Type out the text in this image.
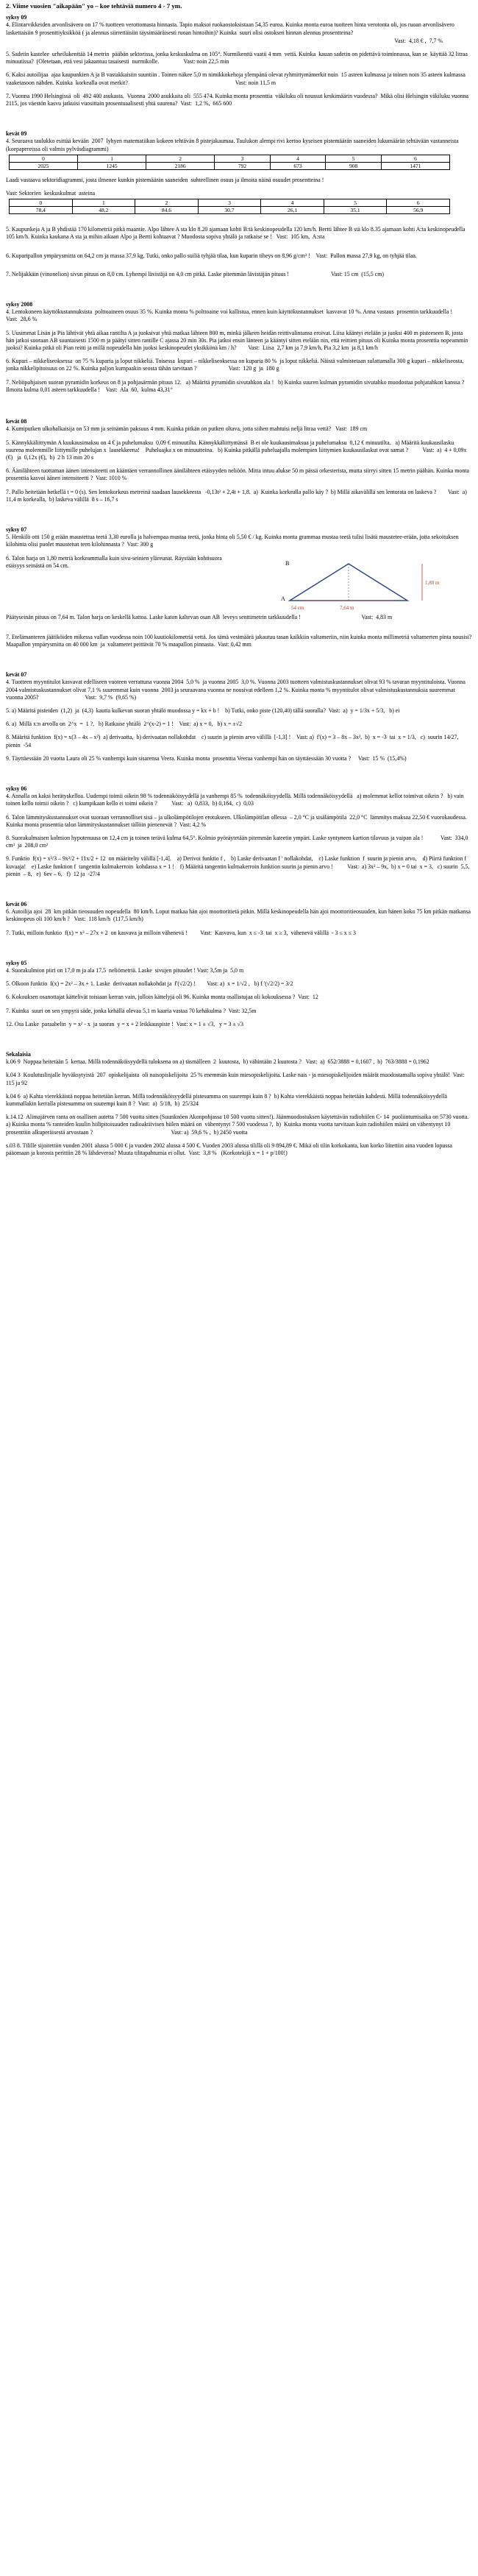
2. Viime vuosien "aikapään" yo – koe tehtäviä numero 4 - 7 ym.
syksy 09
4. Elintarvikkeiden arvonlisävero on 17 % tuotteen verottomasta hinnasta. Tapio maksoi ruokaostoksistaan 54,35 euroa. Kuinka monta euroa tuotteen hinta verotonta oli, jos ruoan arvonlisävero laskettaisiin 9 prosenttiyksikköä ( ja alennus siirrettäisiin täysimääräisesti ruoan hintoihin)? Kuinka  suuri olisi ostoksen hinnan alennus prosentteina?
Vast:  4,18 € ,  7,7 %
5. Sadetin kastelee  urheilukenttää 14 metrin  pääbän sektorissa, jonka keskuskulma on 105°. Nurmikenttä vaatii 4 mm  vettä. Kuinka  kauan sadetin on pidettävä toiminnassa, kun se  käyttää 32 litraa minuutissa?  (Oletetaan, että vesi jakaantuu tasaisesti  nurmikolle.                 Vast: noin 22,5 min
6. Kaksi autoilijaa  ajaa kaupunkien A ja B vastakkaisiin suuntiin . Toinen näkee 5,0 m nimikkokehoja ylempänä olevat ryhmittymämerkit nuin  15 asteen kulmassa ja toinen noin 35 asteen kulmassa vaaketasoon nähden. Kuinka  korkealla ovat merkit?                                                                          Vast: noin 11,5 m
7. Vuonna 1990 Helsingissä  oli  492 400 asukasta.  Vuonna  2000 asukkaita oli  555 474. Kuinka monta prosenttia  väkiluku oli noussut keskimäärin vuodessa?  Mikä olisi Helsingin väkiluku vuonna 2115, jos väestön kasvu jatkuisi vuosittain prosentuaalisesti yhtä suurena?  Vast:  1,2 %,  665 600
kevät 09
4. Seuraava taulukko esittää kevään  2007  lyhyen matematiikan kokeen tehtävän 8 pistejakaumaa. Taulukon alempi rivi kertoo kyseisen pistemäärän saaneiden lukumäärän tehtävään vastanneista (koepapereissa oli valmis pylväsdiagrammi)
0	1	2	3	4	5	6
2025	1245	2186	792	673	908	1471
Laadi vastaava sektoridiagrammi, josta ilmenee kunkin pistemäärän saaneiden  suhteellinen osuus ja ilmoita näinä osuudet prosentteina !
Vast: Sektorien  keskuskulmat  asteina
0	1	2	3	4	5	6
78,4	48,2	84,6	30,7	26,1	35,1	56,9
5. Kaupunkeja A ja B yhdistää 170 kilometriä pitkä maantie. Alpo lähtee A sta klo 8.20 ajamaan kohti B:tä keskinopeudella 120 km/h. Bertti lähtee B stä klo 8.35 ajamaan kohti A:ta keskinopeudella 105 km/h. Kuinka kaukana A sta ja mihin aikaan Alpo ja Bertti kohtaavat ? Muodosta sopiva yhtälö ja ratkaise se !   Vast:  105 km,  A:sta
6. Kuparipallon ympärysmitta on 64,2 cm ja massa 37,9 kg. Tutki, onko pallo suiliä tyhjää tilaa, kun kuparin tiheys on 8,96 g/cm³ !    Vast:  Pallon massa 27,9 kg, on tyhjää tilaa.
7. Nelijakkäin (vinonelion) sivun pituus on 8,0 cm. Lyhempi lävistäjä on 4,0 cm pitkä. Laske pitemmän lävistäjän pituus !                             Vast: 15 cm  (15,5 cm)
syksy 2008
4. Lentokoneen käyttökustannuksista  polttoaineen osuus 35 %. Kuinka monta % polttoaine voi kallistua, ennen kuin käyttökustannukset  kasvavat 10 %. Anna vastaus  prosentin tarkkuudella !         Vast:  28,6 %
5. Uusimmat Lisän ja Pia lähtivät yhtä aikaa rantilta A ja juoksivat yhtä matkaa lähteen 800 m, minkä jälkeen heidän reittivalintansa eroivat. Liisa kääntyi etelään ja juoksi 400 m pisteeseen B, josta hän jatkoi suoraan AB suuntaisesti 1500 m ja päätyi sitten rantille C ajassa 20 min 30s. Pia jatkoi ensin länteen ja kääntyi sitten etelään nin, että reittien pituus oli Kuinka monta prosenttia nopeammin juoksi? Kuinka pitkä oli Pian reitti ja millä nopeudella hän juoksi keskinopeudet yksikkönä km / h?        Vast:  Liisa  2,7 km ja 7,9 km/h, Pia 3,2 km  ja 8,1 km/h
6. Kupari – nikkeliseoksessa  on 75 % kuparia ja loput nikkeliä. Toisessa  kupari – nikkeliseoksessa on kuparia 80 %  ja loput nikkeliä. Näistä valmistetaan sulattamalla 300 g kupari – nikkeliseosta, jonka nikkelipitoisuus on 22 %. Kuinka paljon kumpaakin seosta tähän tarvitaan ?                      Vast:  120 g  ja  180 g
7. Neliöpohjaisen suoran pyramidin korkeus on 8 ja pohjasärmän pituus 12.   a) Määritä pyramidin sivutahkon ala !   b) Kuinka suuren kulman pyramidin sivutahko muodostaa pohjatahkon kanssa ?    Ilmoita kulma 0,01 asteen tarkkuudella !    Vast:  Ala  60,  kulma 43,31°
kevät 08
4. Kumiputken ulkohalkaisija on 53 mm ja seinämän paksuus 4 mm. Kuinka pitkän on putken oltava, jotta siihen mahtuisi neljä litraa vettä?   Vast:  189 cm
5. Kännykkäliittymän A kuukausimaksu on 4 € ja puhelumaksu  0,09 € minuutilta. Kännykkäliittymässä  B ei ole kuukausimaksua ja puhelumaksu  0,12 € minuutilta.   a) Määritä kuukausilasku suurena molemmille liittymille puhelujan x  lausekkeena!    Puheluajka x on minuutteina.   b) Kuinka pitkällä puheluajalla molempien liittymien kuukausilaskut ovat samat ?          Vast:  a)  4 + 0,09x (€)   ja  0,12x (€),  b)  2 h 13 min 20 s
6. Äänilähteen tuottaman äänen intensiteetti on kääntäen verrannollinen äänilähteen etäisyyden neliöön. Mitta intuu alukse 50 m pässä orkesterista, mutta siirryi sitten 15 metrin päähän. Kuinka monta prosenttia kasvoi äänen intensiteetti ?  Vast: 1010 %
7. Pallo heitetään hetkellä t = 0 (s). Sen lentokorkeus metreinä saadaan lausekkeesta   -0,13t² + 2,4t + 1,8.  a)  Kuinka korkealla pallo käy ?  b) Millä aikavälillä sen lentorata on laskeva ?        Vast:  a) 11,4 m korkealla,  b) laskeva välillä  8 s – 16,7 s
syksy 07
5. Henkilö otti 150 g erään maustettua teetä 3,30 eurolla ja halvempaa mustaa teetä, jonka hinta oli 5,50 € / kg. Kuinka monta grammaa mustaa teetä tulisi lisätä maustetee-erään, jotta sekoituksen kilohinta olisi puolet maustetun teen kilohinnasta ?  Vast: 300 g
6. Talon harja on 1,80 metriä korkeammalla kuin sivu-seinien yläreunat. Räystään kohtisuora etäisyys seinästä on 54 cm.	B
A
1,80 m
7,64 m
54 cm
Päätyseinän pituus on 7,64 m. Talon harja on keskellä kattoa. Laske katon kaltevan osan AB  leveys senttimetrin tarkkuudella !                                          Vast:  4,83 m
7. Etelämanteren jäätiköiden mikessa vallan vuodessa noin 100 kuutiokilometriä vettä. Jos tämä vesimäärä jakautuu tasan kaikkiin valtameriin, niin kuinka monta millimetriä valtamerten pinta nousisi? Maapallon ympärysmitta on 40 000 km  ja  valtameret peittävät 70 % maapallon pinnasta.  Vast: 0,42 mm
kevät 07
4. Tuotteen myyntitulot kasvavat edelliseen vuoteen verrattuna vuonna 2004  5,0 %  ja vuonna 2005  3,0 %. Vuonna 2003 tuotteen valmistuskustannukset olivat 93 % tavaran myyntituloista. Vuonna  2004 valmistuskustannukset olivat 7,1 % suuremmat kuin vuonna  2003 ja seuraavana vuonna ne nousivat edelleen 1,2 %. Kuinka monta % myyntitulot olivat valmistuskustannuksia suuremmat vuonna 2005?                                Vast:  9,7 %  (9,65 %)
5. a) Määritä pisteiden  (1,2)  ja  (4,3)  kautta kulkevan suoran yhtälö muodossa y = kx + b !    b) Tutki, onko piste (120,40) tällä suoralla?  Vast:  a)  y = 1/3x + 5/3,   b) ei
6. a)  Millä x:n arvolla on  2^x  =  1 ?,   b) Ratkaise yhtälö  2^(x-2) = 1 !    Vast:  a) x = 0,   b) x = ±√2
8. Määritä funktion  f(x) = x(3 – 4x – x²)  a) derivaatta,  b) derivaatan nollakohdat    c) suurin ja pienin arvo välillä  [-1,3] !    Vast: a)  f'(x) = 3 – 8x – 3x²,  b)  x = -3  tai  x = 1/3,   c)  suurin 14/27,  pienin  -54
9. Täyttäessään 20 vuotta Laura oli 25 % vanhempi kuin sisarensa Veera. Kuinka monta  prosenttia Veeraa vanhempi hän on täyttäessään 30 vuotta ?     Vast:  15 %  (15,4%)
syksy 06
4. Annalla on kaksi herätyskelloa. Uudempi toimii oikein 98 % todennäköisyydellä ja vanhempi 85 %  todennäköisyydellä. Millä todennäköisyydellä   a) molemmat kellot toimivat oikein ?   b) vain toinen kello toimii oikein ?   c) kumpikaan kello ei toimi oikein ?          Vast:   a)  0,833,  b) 0,164,  c)  0,03
6. Talon lämmityskustannukset ovat suoraan verrannolliset sisä – ja ulkolämpötilojen erotukseen. Ulkolämpötilan ollessa  – 2,0 °C ja sisälämpötila  22,0 °C  lämmitys maksaa 22,50 € vuorokaudessa. Kuinka monta prosenttia talon lämmityskustannukset tällöin pienenevät ?  Vast: 4,2 %
8. Suorakulmaisen kolmion hypotenuusa on 12,4 cm ja toinen terävä kulma 64,5°. Kolmio pyöräytetään pitemmän kateetin ympäri. Laske syntyneen kartion tilavuus ja vaipan ala !            Vast:  334,0 cm³  ja  208,0 cm²
9. Funktio  f(x) = x³/3 – 9x²/2 + 11x/2 + 12  on määritelty välillä [-1,4].    a) Derivoi funktio f ,    b) Laske derivaatan f ' nollakohdat,    c) Laske funktion  f  suurin ja pienin arvo,    d) Piirrä funktion f  kuvaaja!    e) Laske funktion f  tangentin kulmakerroin  kohdassa x = 1 !    f) Määritä tangentin kulmakerroin funktion suurin ja pienin arvo !          Vast:  a) 3x² – 9x,  b) x = 0 tai  x = 3,   c) suurin  5,5,  pienin  – 8,   e)  6ev – 6,   f)  12 ja  -27/4
kevät 06
6. Autoilija ajoi  28  km pitkän tieosuuden nopeudella  80 km/h. Loput matkaa hän ajoi moottoritietä pitkin. Millä keskinopeudella hän ajoi moottoritieosuuden, kun hänen koko 75 km pitkän matkansa keskinopeus oli 100 km/h ?   Vast:  118 km/h  (117,5 km/h)
7. Tutki, milloin funktio  f(x) = x³ – 27x + 2  on kasvava ja milloin vähenevä !         Vast:  Kasvava, kun  x ≤ -3  tai  x ≥ 3,  vähenevä välillä  - 3 ≤ x ≤ 3
syksy 05
4. Suorakulmion piiri on 17,0 m ja ala 17,5  neliömetriä. Laske  sivujen pituudet ! Vast: 3,5m ja  5,0 m
5. Olkoon funktio  f(x) = 2x² – 3x + 1. Laske  derivaatan nollakohdat ja  f'(√2/2) !        Vast: a)  x = 1/√2 ,   b) f '(√2/2) = 3/2
6. Kokouksen osanottajat kättelivät toisiaan kerran vain, jolloin kättelyjä oli 96. Kuinka monta osallistujaa oli kokouksessa ?  Vast:  12
7. Kuinka  suuri on sen ympyrä säde, jonka kehällä olevaa 5,1 m kaaria vastaa 70 kehäkulma ?  Vast: 32,5m
12. Osa Laske  paraabelin  y = x² - x  ja suoran  y = x + 2 leikkauspiste !  Vast: x = 1 ± √3,   y = 3 ± √3
Sekalaisia
k.06 9  Noppaa heitetään 5  kertaa. Millä todennäköisyydellä tuloksena on a) täsmälleen  2  kuutosta,  b) vähintään 2 kuutosta ?   Vast:  a)  652/3888 = 0,1607 ,  b)  763/3888 = 0,1962
k.04 3  Koulutuslinjalle hyväksytyistä  207  opiskelijaista  oli naisopiskelijoita  25 % enemmän kuin miesopiskelijoita. Laske nais - ja miesopiskelijoiden määrät muodostamalla sopiva yhtälö!  Vast: 115 ja 92
k.04 6  a) Kahta vierekkäistä noppaa heitetään kerran. Millä todennäköisyydellä pistesumma on suurempi kuin 8 ?  b) Kahta vierekkäistä noppaa heitetään kahdesti. Millä todennäköisyydellä kummallakin kerralla pistesumma on suurempi kuin 8 ?  Vast:  a)  5/18,  b)  25/324
k.14.12  Alimajärven ranta on osallisen autetta 7 500 vuotta sitten (Suunknöen Akonpohjassa 10 500 vuotta sitten!). Jäänmuodostuksen käytettävän radiohiilen C- 14  puoliintumisaika on 5730 vuotta. a) Kuinka monta % ranteiden kuulin hiilipitoisuuden radioaktiivisen hiilen määrä on  vähentynyt 7 500 vuodessa ?,  b)  Kuinka monta vuotta tarvitaan kuin radiohiilen määrä on vähentynyt 10 prosenttiin alkuperäisestä arvostaan ?                                                      Vast: a)  59,6 % ,  b) 2450 vuotta
s.03 8. Tilille sijoitettiin vuoden 2001 alussa 5 000 € ja vuoden 2002 alussa 4 500 €. Vuoden 2003 alussa tilillä oli 9 894,89 €. Mikä oli tilin korkokanta, kun korko liitettiin aina vuoden lopussa pääomaan ja korosta perittiin 28 % lähdeveroa? Muuta tilitapahtumia ei ollut.  Vast:  3,8 %   (Korkotekijä x = 1 + p/100!)
